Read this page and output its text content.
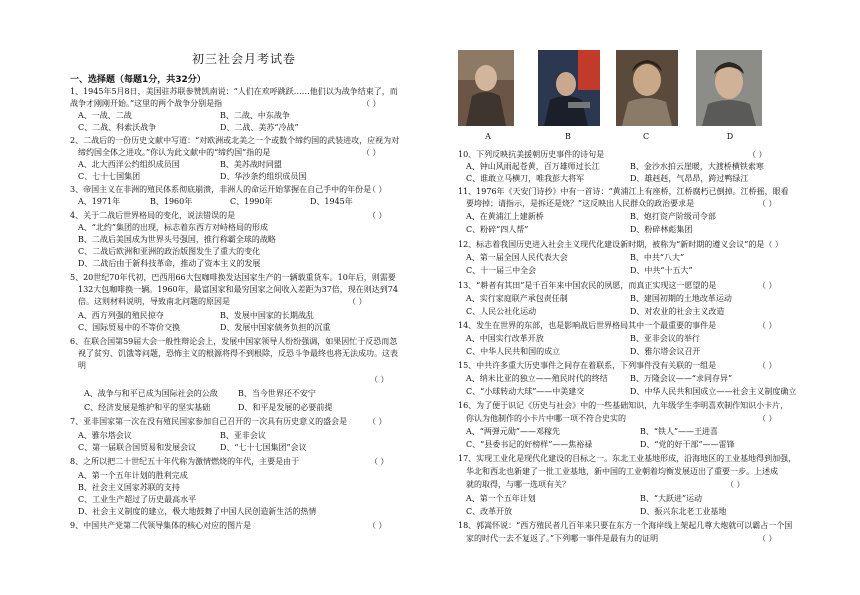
初三社会月考试卷
一、选择题（每题1分，共32分）
1、1945年5月8日，美国驻苏联参赞凯南说：“人们在欢呼跳跃……他们以为战争结束了，而
战争才刚刚开始。”这里的两个战争分别是指	（ ）
A、一战、二战	B、二战、中东战争
C、二战、科索沃战争	D、二战、美苏“冷战”
2、二战后的一份历史文献中写道：“对欧洲或北美之一个或数个缔约国的武装进攻，应视为对
缔约国全体之进攻。”你认为此文献中的“缔约国”指的是	（ ）
A、北大西洋公约组织成员国	B、美苏战时同盟
C、七十七国集团	D、华沙条约组织成员国
3、帝国主义在非洲的殖民体系彻底崩溃，非洲人的命运开始掌握在自己手中的年份是
（ ）
A、1971年	B、1960年	C、1990年	D、1945年
4、关于二战后世界格局的变化，说法错误的是	（ ）
A、“北约”集团的出现，标志着东西方对峙格局的形成
B、二战后美国成为世界头号强国，推行称霸全球的战略
C、二战后欧洲和亚洲的政治版图发生了重大的变化
D、二战后由于新科技革命，推动了资本主义的发展
5、20世纪70年代初，巴西用66大包咖啡换发达国家生产的一辆载重货车。10年后，则需要
132大包咖啡换一辆。1960年，最富国家和最穷国家之间收入差距为37倍，现在则达到74
倍。这则材料说明，导致南北问题的原因是	（ ）
A、西方列强的殖民掠夺	B、发展中国家的长期战乱
C、国际贸易中的不等价交换	D、发展中国家债务负担的沉重
6、在联合国第59届大会一般性辩论会上，发展中国家领导人纷纷强调，如果因忙于反恐而忽
视了贫穷、饥饿等问题，恐怖主义的根源将得不到根除，反恐斗争最终也将无法成功。这表
明
（ ）
A、战争与和平已成为国际社会的公敌	B、当今世界还不安宁
C、经济发展是维护和平的坚实基础	D、和平是发展的必要前提
7、亚非国家第一次在没有殖民国家参加自己召开的一次具有历史意义的盛会是	（ ）
A、雅尔塔会议	B、亚非会议
C、第一届联合国贸易和发展会议	D、“七十七国集团”会议
8、之所以把二十世纪五十年代称为激情燃烧的年代，主要是由于	（ ）
A、第一个五年计划的胜利完成
B、社会主义国家苏联的支持
C、工业生产超过了历史最高水平
D、社会主义制度的建立，极大地鼓舞了中国人民创造新生活的热情
9、中国共产党第二代领导集体的核心对应的图片是	（ ）
A	B	C	D
10、下列反映抗美援朝历史事件的诗句是	（ ）
A、钟山风雨起苍黄，百万雄师过长江	B、金沙水拍云崖暖，大渡桥横铁索寒
C、谁敢立马横刀，唯我彭大将军	D、雄赳赳，气昂昂，跨过鸭绿江
11、1976年《天安门诗抄》中有一首诗：“黄浦江上有座桥，江桥腐朽已倒掉。江桥摇，眼看
要垮掉；请指示，是拆还是烧？”这反映出人民群众的政治要求是	（ ）
A、在黄浦江上建新桥	B、炮打资产阶级司令部
C、粉碎“四人帮”	D、粉碎林彪集团
12、标志着我国历史进入社会主义现代化建设新时期，被称为“新时期的遵义会议”的是（ ）
A、第一届全国人民代表大会	B、中共“八大”
C、十一届三中全会	D、中共“十五大”
13、“耕者有其田”是千百年来中国农民的夙愿，而真正实现这一愿望的是	（ ）
A、实行家庭联产承包责任制	B、建国初期的土地改革运动
C、人民公社化运动	D、对农业的社会主义改造
14、发生在世界的东部，也是影响战后世界格局其中一个最重要的事件是	（ ）
A、中国实行改革开放	B、亚非会议的举行
C、中华人民共和国的成立	D、雅尔塔会议召开
15、中共许多重大历史事件之间存在着联系，下列事件没有关联的一组是	（ ）
A、纳米比亚的独立——殖民时代的终结	B、万隆会议——“求同存异”
C、“小球转动大球”——中美建交	D、中华人民共和国成立——社会主义制度确立
16、为了便于识记《历史与社会》中的一些基础知识，九年级学生李明喜欢制作知识小卡片，
你认为他制作的小卡片中哪一项不符合史实的	（ ）
A、“两弹元勋”——邓稼先	B、“铁人”——王进喜
C、“县委书记的好榜样”——焦裕禄	D、“党的好干部”——雷锋
17、实现工业化是现代化建设的目标之一。东北工业基地形成，沿海地区的工业基地得到加强，
华北和西北也新建了一批工业基地，新中国的工业朝着均衡发展迈出了重要一步。上述成
就的取得，与哪一选项有关？	（ ）
A、第一个五年计划	B、“大跃进”运动
C、改革开放	D、振兴东北老工业基地
18、郭嵩怀说：“西方殖民者几百年来只要在东方一个海岸线上架起几尊大炮就可以霸占一个国
家的时代一去不复返了。”下列哪一事件是最有力的证明	（ ）
